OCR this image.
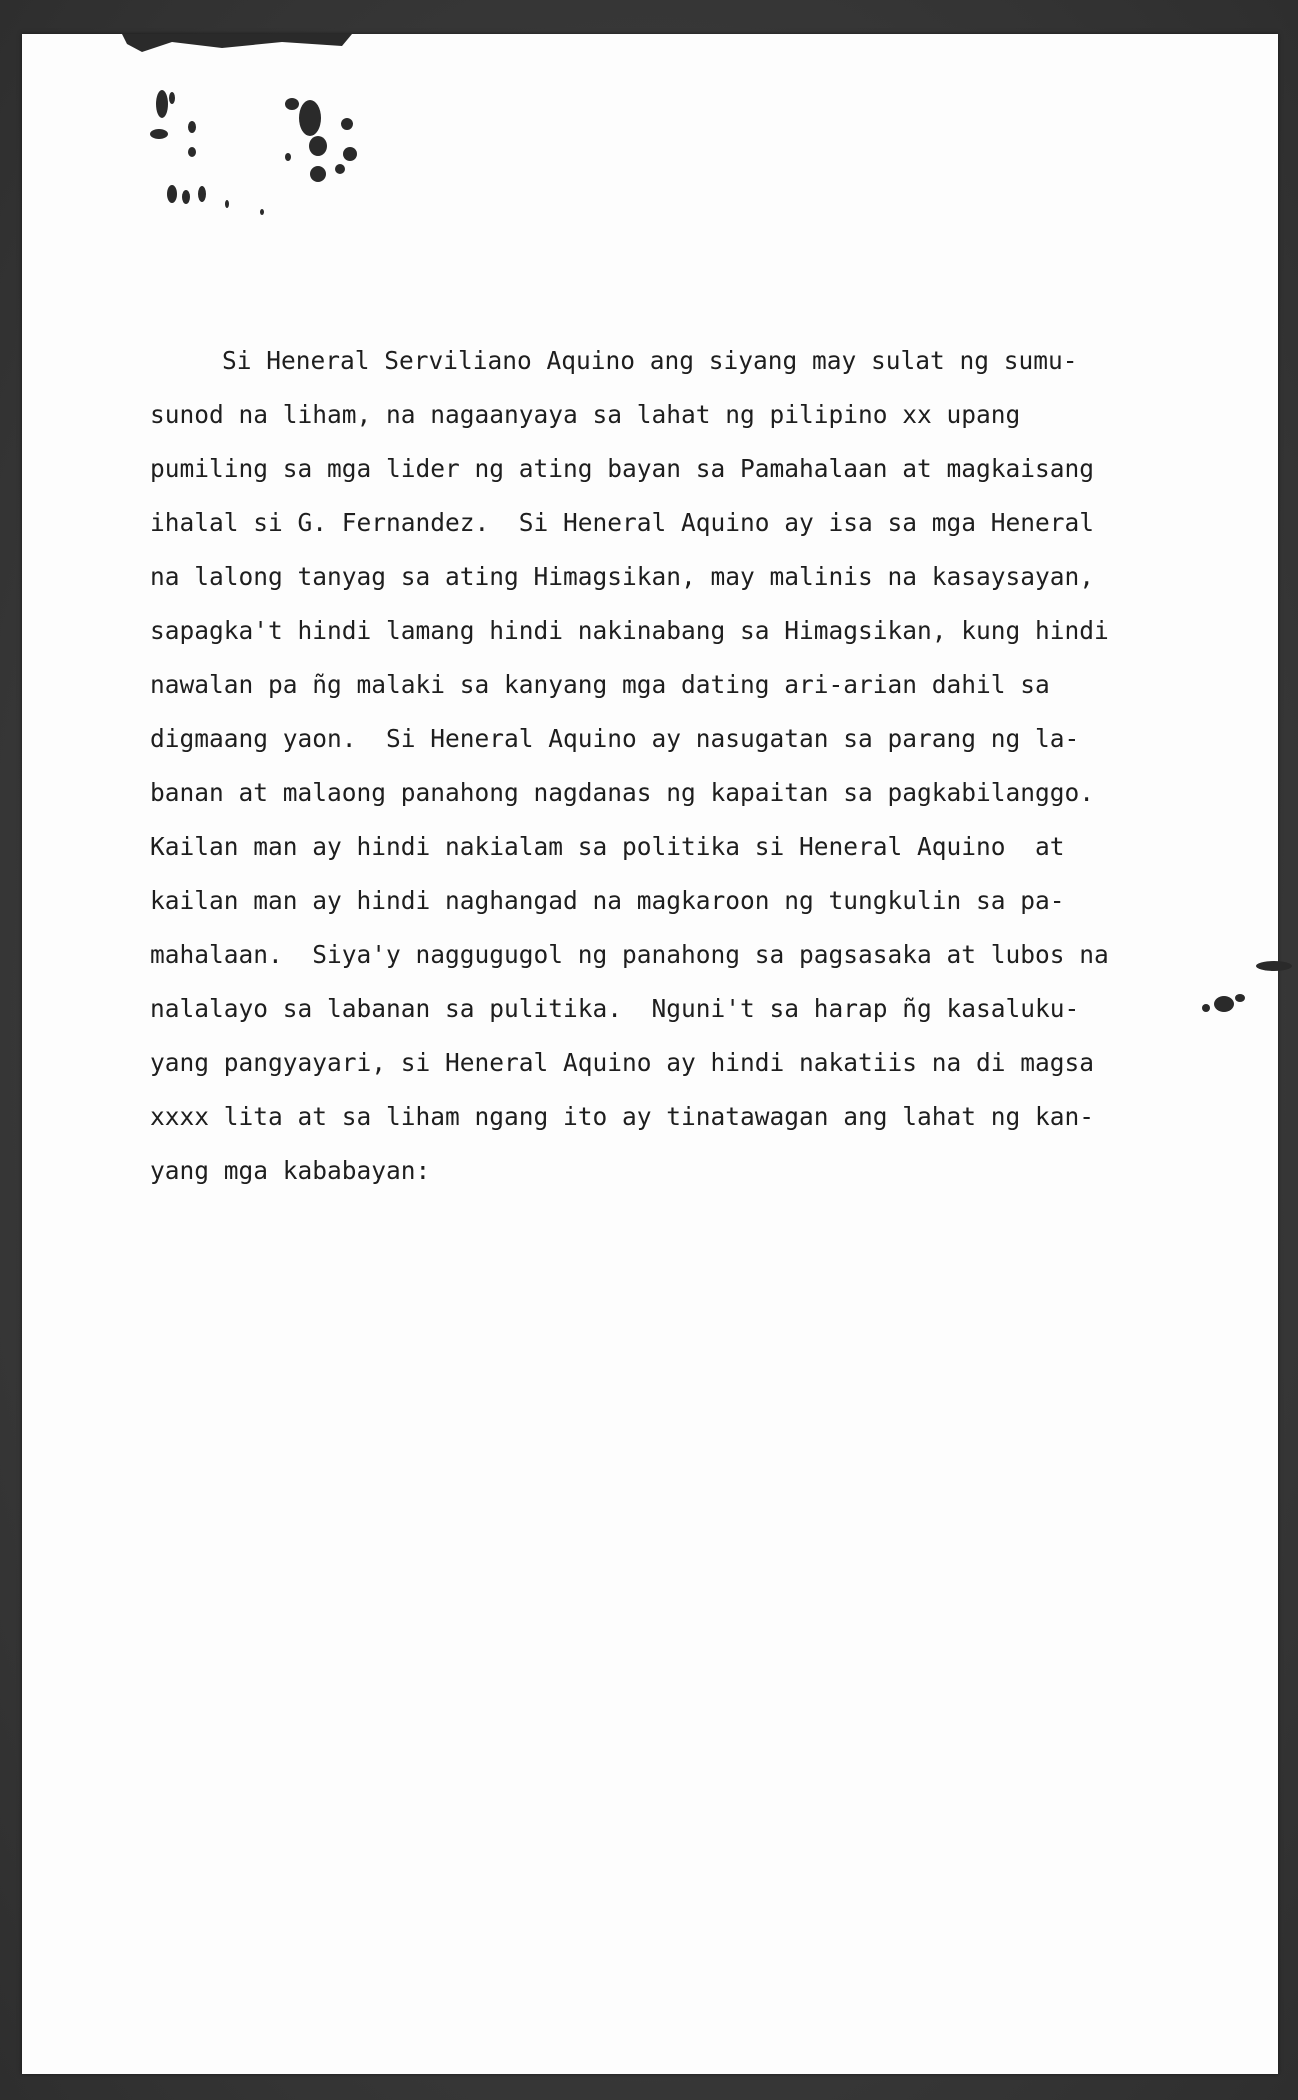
Si Heneral Serviliano Aquino ang siyang may sulat ng sumu-
sunod na liham, na nagaanyaya sa lahat ng pilipino xx upang
pumiling sa mga lider ng ating bayan sa Pamahalaan at magkaisang
ihalal si G. Fernandez.  Si Heneral Aquino ay isa sa mga Heneral
na lalong tanyag sa ating Himagsikan, may malinis na kasaysayan,
sapagka't hindi lamang hindi nakinabang sa Himagsikan, kung hindi
nawalan pa ñg malaki sa kanyang mga dating ari-arian dahil sa
digmaang yaon.  Si Heneral Aquino ay nasugatan sa parang ng la-
banan at malaong panahong nagdanas ng kapaitan sa pagkabilanggo.
Kailan man ay hindi nakialam sa politika si Heneral Aquino  at
kailan man ay hindi naghangad na magkaroon ng tungkulin sa pa-
mahalaan.  Siya'y naggugugol ng panahong sa pagsasaka at lubos na
nalalayo sa labanan sa pulitika.  Nguni't sa harap ñg kasaluku-
yang pangyayari, si Heneral Aquino ay hindi nakatiis na di magsa
xxxx lita at sa liham ngang ito ay tinatawagan ang lahat ng kan-
yang mga kababayan:
